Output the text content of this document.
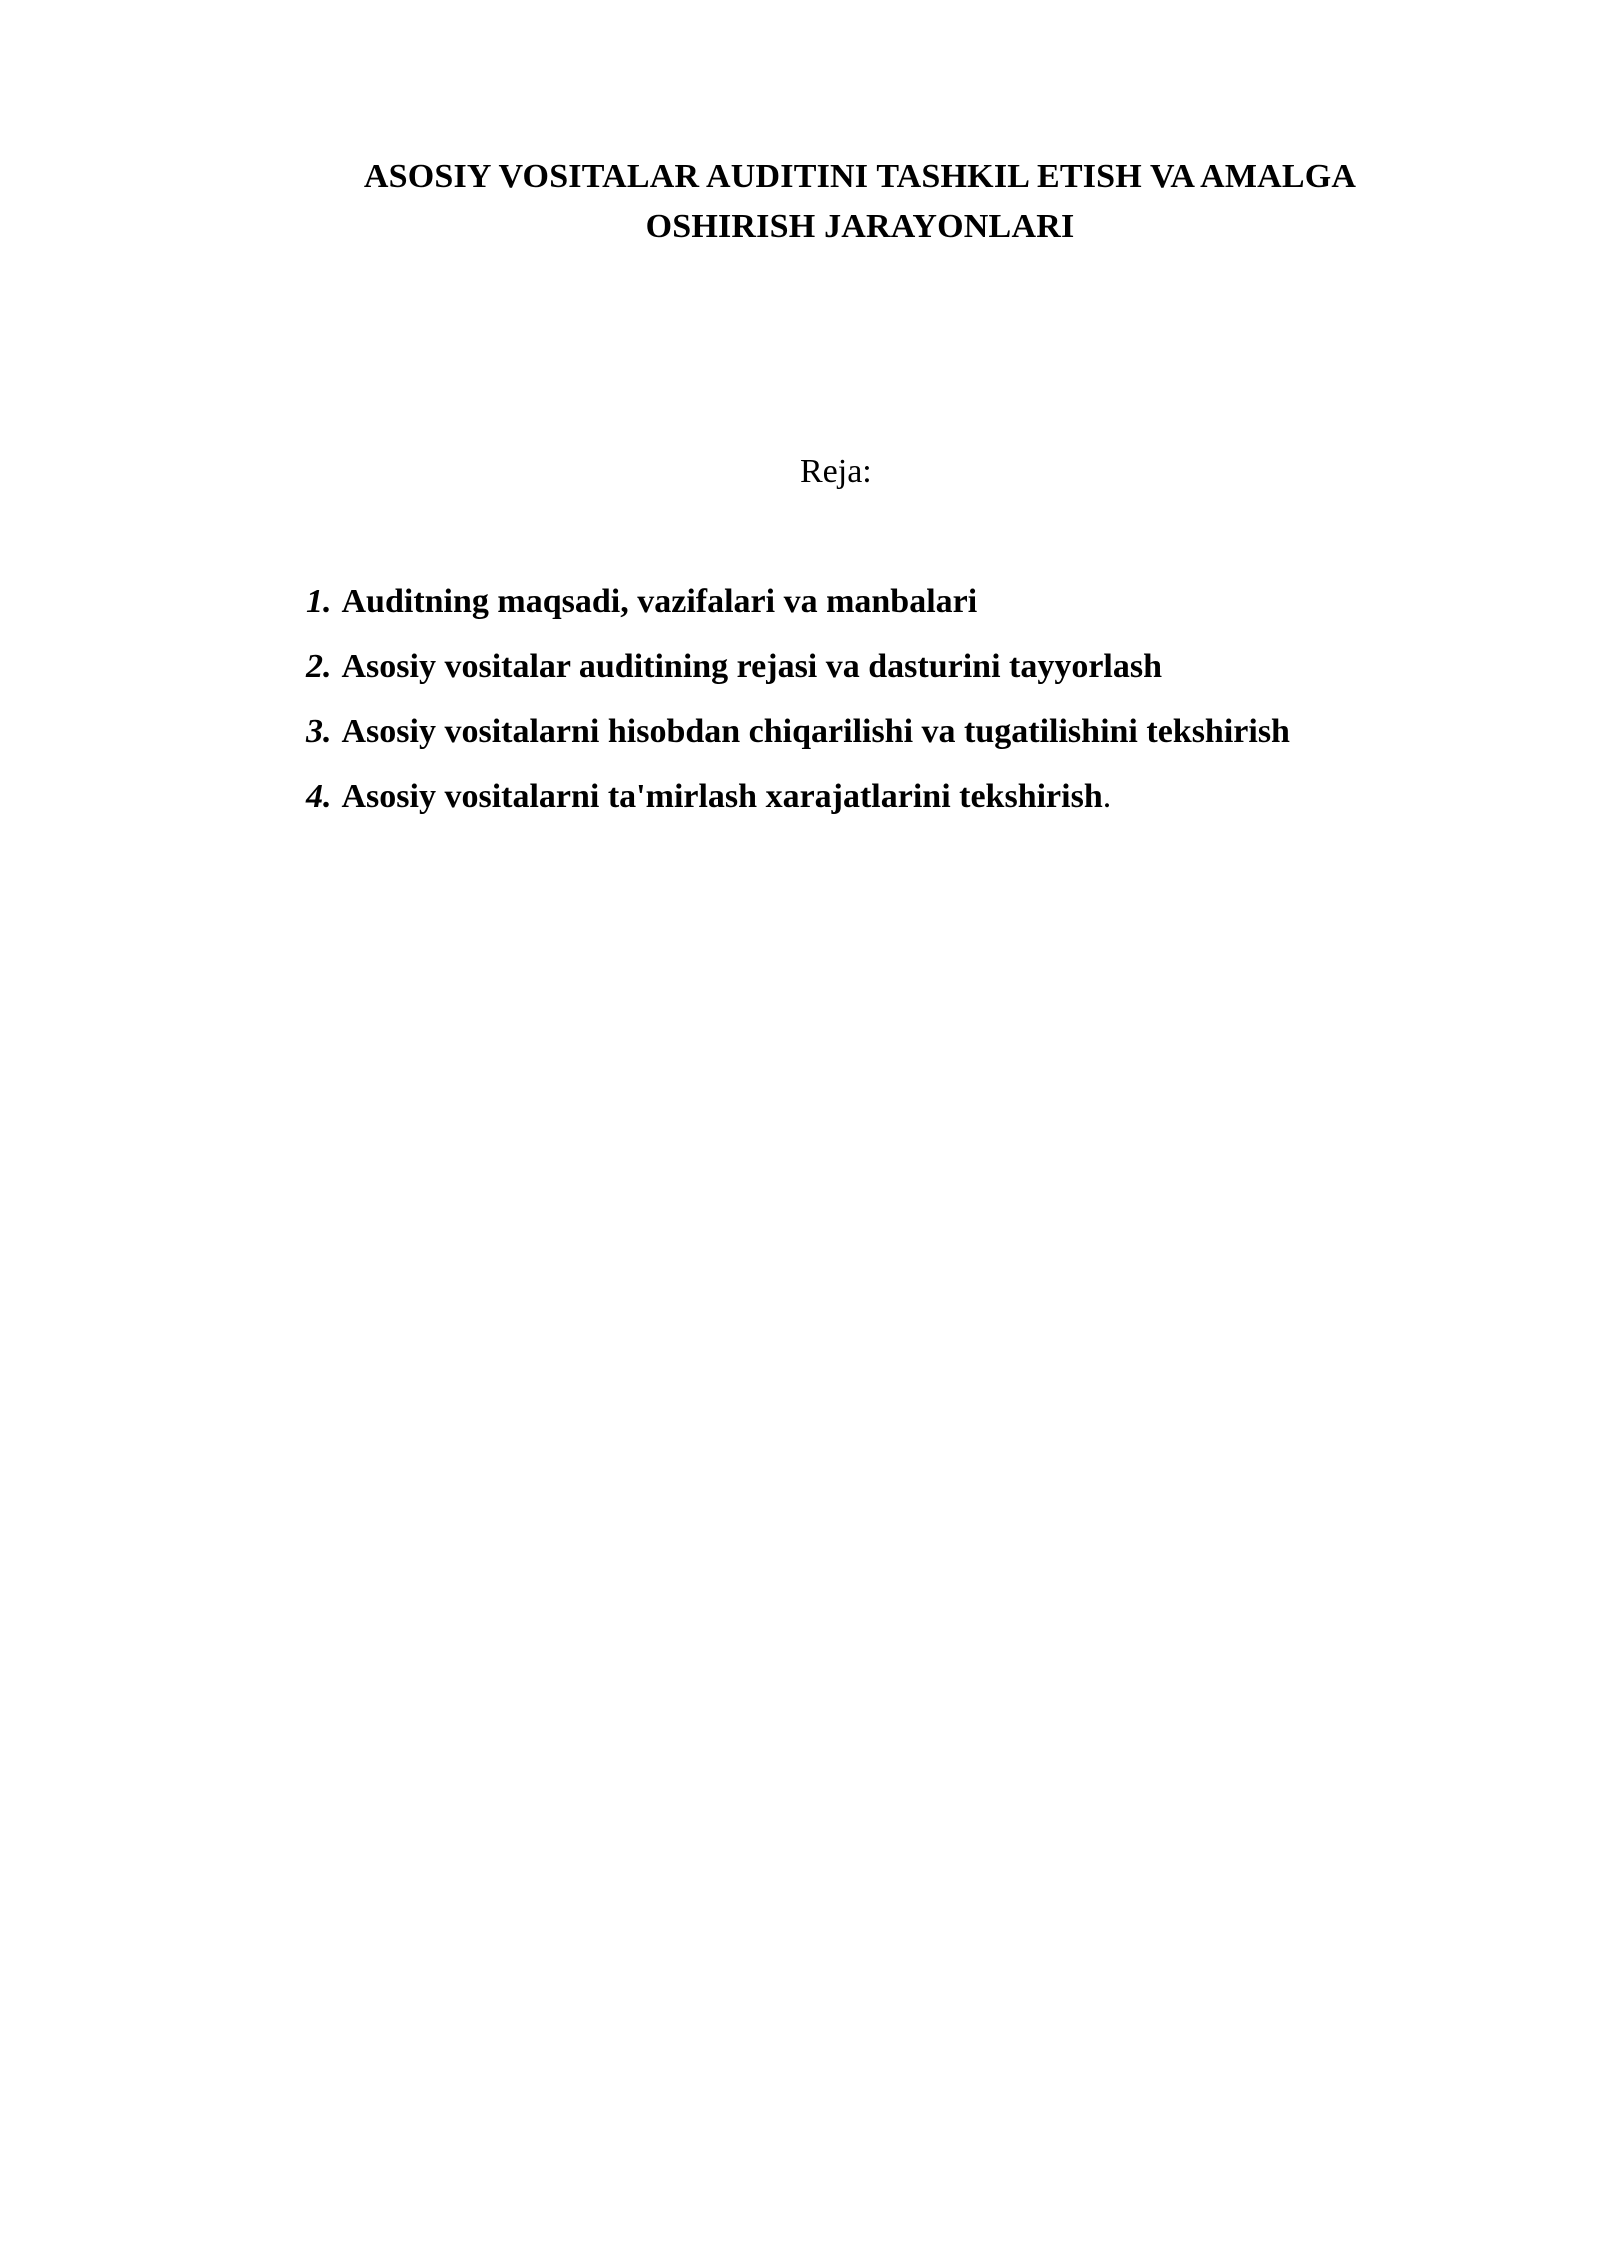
ASOSIY VOSITALAR AUDITINI TASHKIL ETISH VA AMALGA
OSHIRISH JARAYONLARI
Reja:
1. Auditning maqsadi, vazifalari va manbalari
2. Asosiy vositalar auditining rejasi va dasturini tayyorlash
3. Asosiy vositalarni hisobdan chiqarilishi va tugatilishini tekshirish
4. Asosiy vositalarni ta'mirlash xarajatlarini tekshirish.
